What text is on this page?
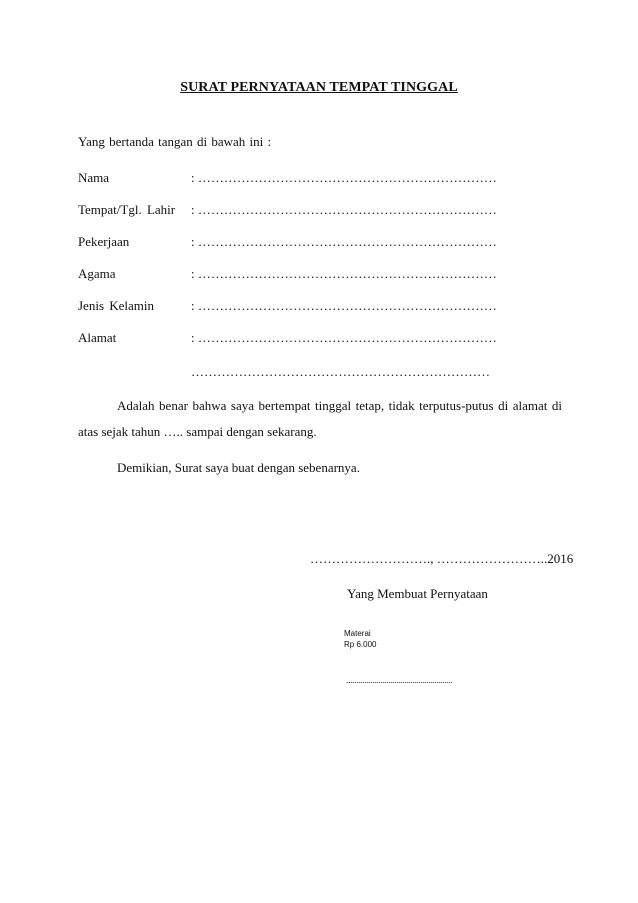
SURAT PERNYATAAN TEMPAT TINGGAL
Yang bertanda tangan di bawah ini :
Nama	: ……………………………………………………………
Tempat/Tgl. Lahir : ……………………………………………………………
Pekerjaan	: ……………………………………………………………
Agama	: ……………………………………………………………
Jenis Kelamin	: ……………………………………………………………
Alamat	: ……………………………………………………………
……………………………………………………………
Adalah benar bahwa saya bertempat tinggal tetap, tidak terputus-putus di alamat di
atas sejak tahun ….. sampai dengan sekarang.
Demikian, Surat saya buat dengan sebenarnya.
………………………., ……………………..2016
Yang Membuat Pernyataan
Materai
Rp 6.000
.....................................................
